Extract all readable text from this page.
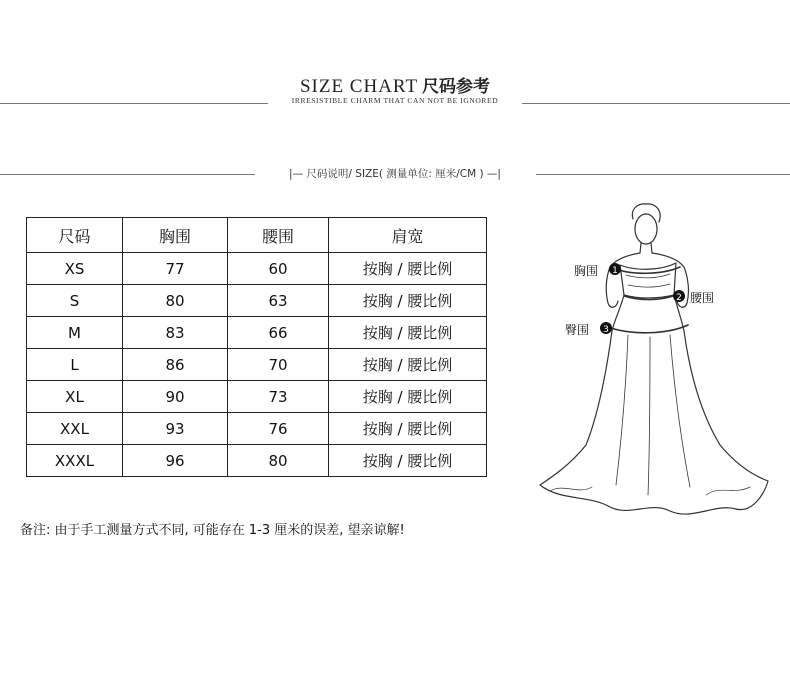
SIZE CHART 尺码参考
IRRESISTIBLE CHARM THAT CAN NOT BE IGNORED
|— 尺码说明/ SIZE( 测量单位: 厘米/CM ) —|
尺码	胸围	腰围	肩宽
XS	77	60	按胸 / 腰比例
S	80	63	按胸 / 腰比例
M	83	66	按胸 / 腰比例
L	86	70	按胸 / 腰比例
XL	90	73	按胸 / 腰比例
XXL	93	76	按胸 / 腰比例
XXXL	96	80	按胸 / 腰比例
备注: 由于手工测量方式不同, 可能存在 1-3 厘米的误差, 望亲谅解!
1
2
3
胸围
腰围
臀围
